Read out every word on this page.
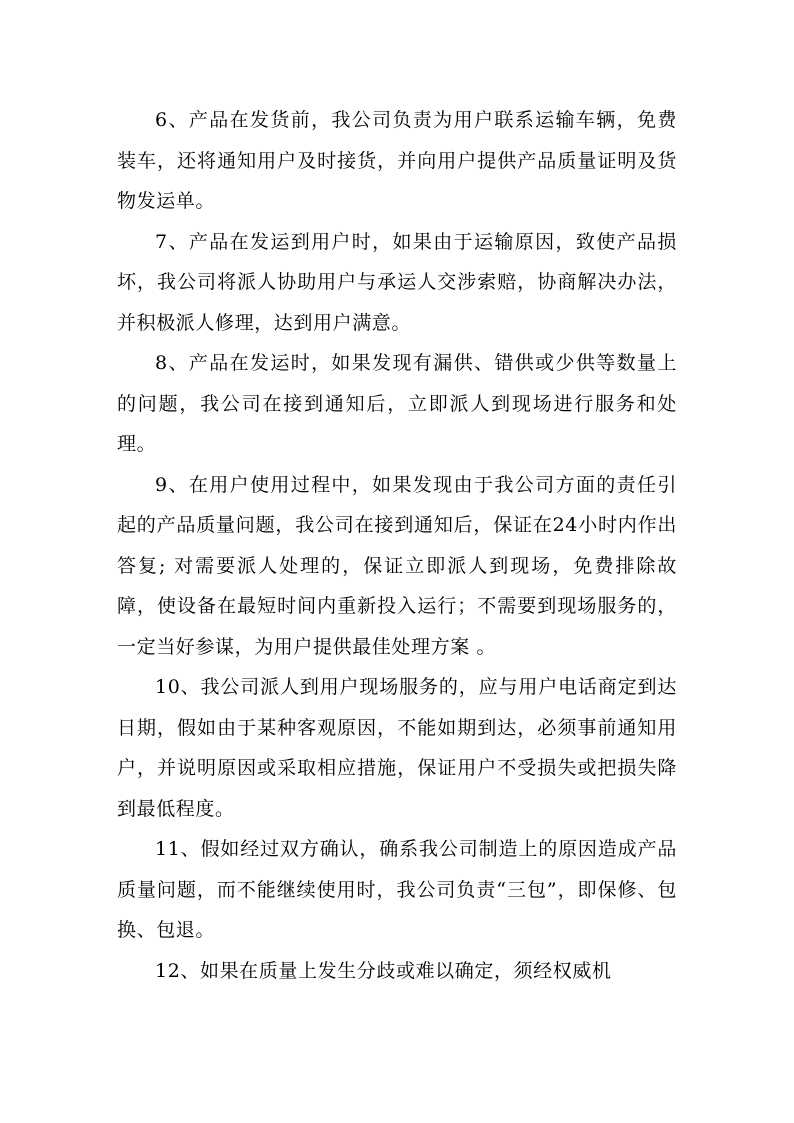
6、产品在发货前，我公司负责为用户联系运输车辆，免费装车，还将通知用户及时接货，并向用户提供产品质量证明及货物发运单。

7、产品在发运到用户时，如果由于运输原因，致使产品损坏，我公司将派人协助用户与承运人交涉索赔，协商解决办法，并积极派人修理，达到用户满意。

8、产品在发运时，如果发现有漏供、错供或少供等数量上的问题，我公司在接到通知后，立即派人到现场进行服务和处理。

9、在用户使用过程中，如果发现由于我公司方面的责任引起的产品质量问题，我公司在接到通知后，保证在24小时内作出答复; 对需要派人处理的，保证立即派人到现场，免费排除故障，使设备在最短时间内重新投入运行；不需要到现场服务的，一定当好参谋，为用户提供最佳处理方案 。

10、我公司派人到用户现场服务的，应与用户电话商定到达日期，假如由于某种客观原因，不能如期到达，必须事前通知用户，并说明原因或采取相应措施，保证用户不受损失或把损失降到最低程度。

11、假如经过双方确认，确系我公司制造上的原因造成产品质量问题，而不能继续使用时，我公司负责“三包”，即保修、包换、包退。

12、如果在质量上发生分歧或难以确定，须经权威机
